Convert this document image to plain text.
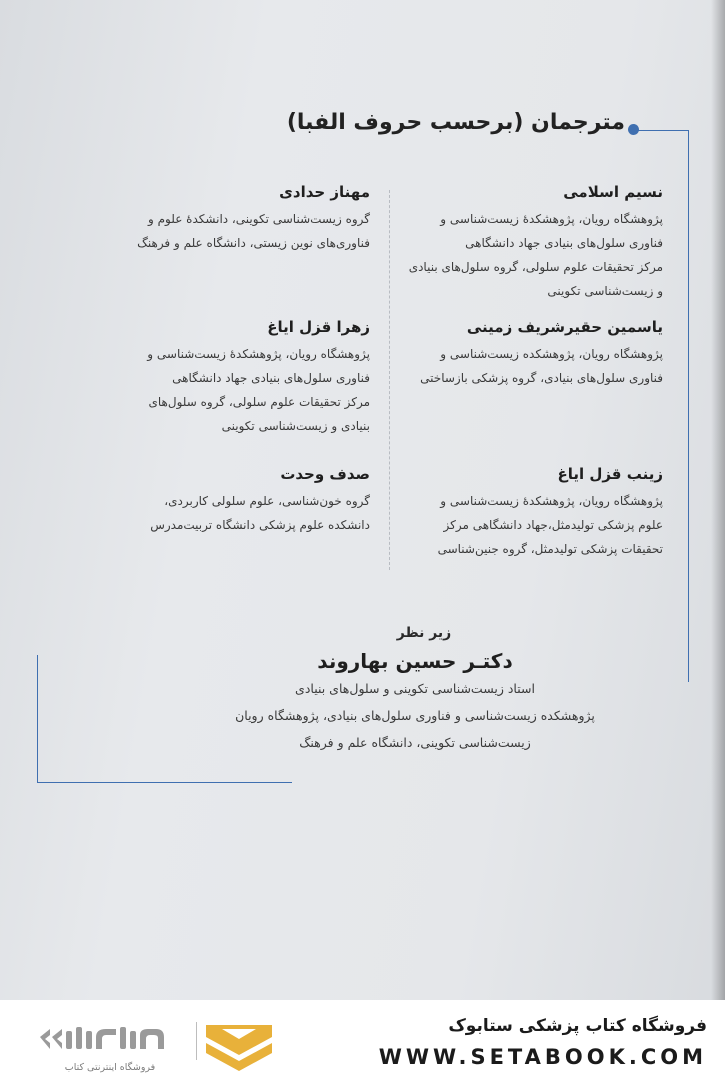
مترجمان (برحسب حروف الفبا)
نسیم اسلامی
پژوهشگاه رویان، پژوهشکدهٔ زیست‌شناسی و
فناوری سلول‌های بنیادی جهاد دانشگاهی
مرکز تحقیقات علوم سلولی، گروه سلول‌های بنیادی
و زیست‌شناسی تکوینی
مهناز حدادی
گروه زیست‌شناسی تکوینی، دانشکدهٔ علوم و
فناوری‌های نوین زیستی، دانشگاه علم و فرهنگ
یاسمین حقیرشریف زمینی
پژوهشگاه رویان، پژوهشکده زیست‌شناسی و
فناوری سلول‌های بنیادی، گروه پزشکی بازساختی
زهرا قزل ایاغ
پژوهشگاه رویان، پژوهشکدهٔ زیست‌شناسی و
فناوری سلول‌های بنیادی جهاد دانشگاهی
مرکز تحقیقات علوم سلولی، گروه سلول‌های
بنیادی و زیست‌شناسی تکوینی
زینب قزل ایاغ
پژوهشگاه رویان، پژوهشکدهٔ زیست‌شناسی و
علوم پزشکی تولیدمثل،جهاد دانشگاهی مرکز
تحقیقات پزشکی تولیدمثل، گروه جنین‌شناسی
صدف وحدت
گروه خون‌شناسی، علوم سلولی کاربردی،
دانشکده علوم پزشکی دانشگاه تربیت‌مدرس
زیر نظر
دکتـر حسین بهاروند
استاد زیست‌شناسی تکوینی و سلول‌های بنیادی
پژوهشکده زیست‌شناسی و فناوری سلول‌های بنیادی، پژوهشگاه رویان
زیست‌شناسی تکوینی، دانشگاه علم و فرهنگ
فروشگاه اینترنتی کتاب
فروشگاه کتاب پزشکی ستابوک
WWW.SETABOOK.COM
